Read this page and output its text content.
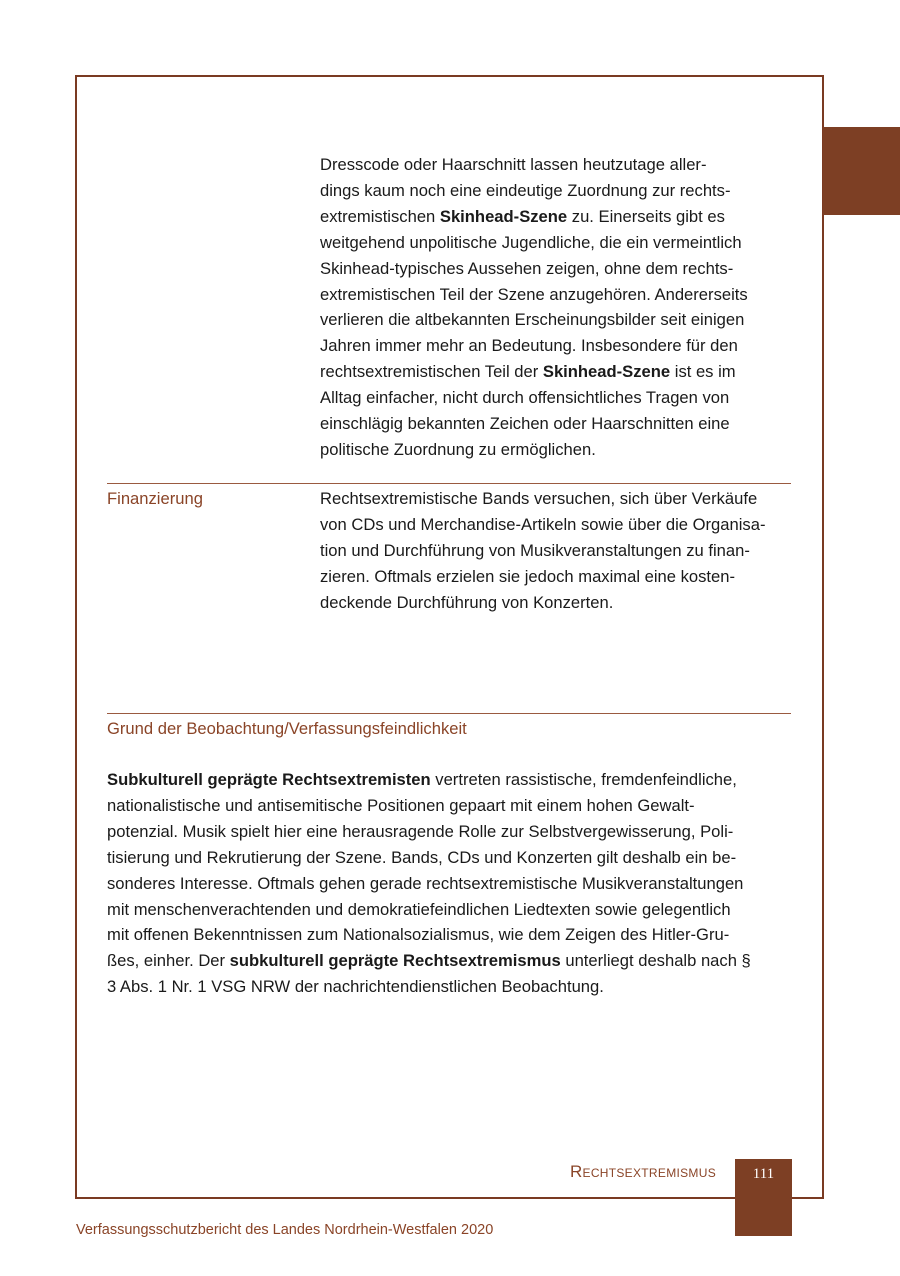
Dresscode oder Haarschnitt lassen heutzutage aller-
dings kaum noch eine eindeutige Zuordnung zur rechts-
extremistischen Skinhead-Szene zu. Einerseits gibt es
weitgehend unpolitische Jugendliche, die ein vermeintlich
Skinhead-typisches Aussehen zeigen, ohne dem rechts-
extremistischen Teil der Szene anzugehören. Andererseits
verlieren die altbekannten Erscheinungsbilder seit einigen
Jahren immer mehr an Bedeutung. Insbesondere für den
rechtsextremistischen Teil der Skinhead-Szene ist es im
Alltag einfacher, nicht durch offensichtliches Tragen von
einschlägig bekannten Zeichen oder Haarschnitten eine
politische Zuordnung zu ermöglichen.

Finanzierung	Rechtsextremistische Bands versuchen, sich über Verkäufe
von CDs und Merchandise-Artikeln sowie über die Organisa-
tion und Durchführung von Musikveranstaltungen zu finan-
zieren. Oftmals erzielen sie jedoch maximal eine kosten-
deckende Durchführung von Konzerten.

Grund der Beobachtung/Verfassungsfeindlichkeit

Subkulturell geprägte Rechtsextremisten vertreten rassistische, fremdenfeindliche,
nationalistische und antisemitische Positionen gepaart mit einem hohen Gewalt-
potenzial. Musik spielt hier eine herausragende Rolle zur Selbstvergewisserung, Poli-
tisierung und Rekrutierung der Szene. Bands, CDs und Konzerten gilt deshalb ein be-
sonderes Interesse. Oftmals gehen gerade rechtsextremistische Musikveranstaltungen
mit menschenverachtenden und demokratiefeindlichen Liedtexten sowie gelegentlich
mit offenen Bekenntnissen zum Nationalsozialismus, wie dem Zeigen des Hitler-Gru-
ßes, einher. Der subkulturell geprägte Rechtsextremismus unterliegt deshalb nach §
3 Abs. 1 Nr. 1 VSG NRW der nachrichtendienstlichen Beobachtung.

Rechtsextremismus	111
Verfassungsschutzbericht des Landes Nordrhein-Westfalen 2020
